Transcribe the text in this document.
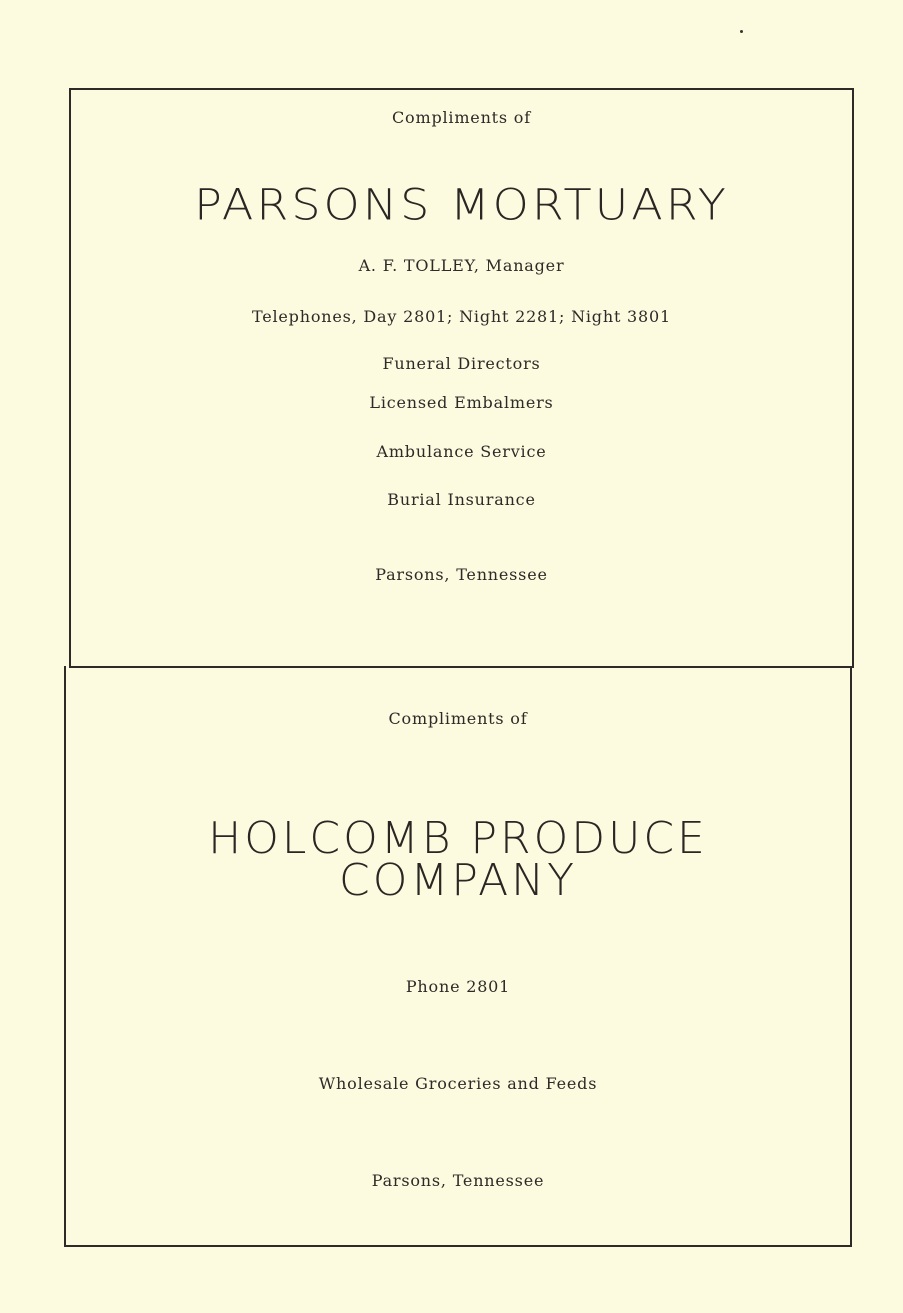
Compliments of
PARSONS MORTUARY
A. F. TOLLEY, Manager
Telephones, Day 2801; Night 2281; Night 3801
Funeral Directors
Licensed Embalmers
Ambulance Service
Burial Insurance
Parsons, Tennessee
Compliments of
HOLCOMB PRODUCE COMPANY
Phone 2801
Wholesale Groceries and Feeds
Parsons, Tennessee
